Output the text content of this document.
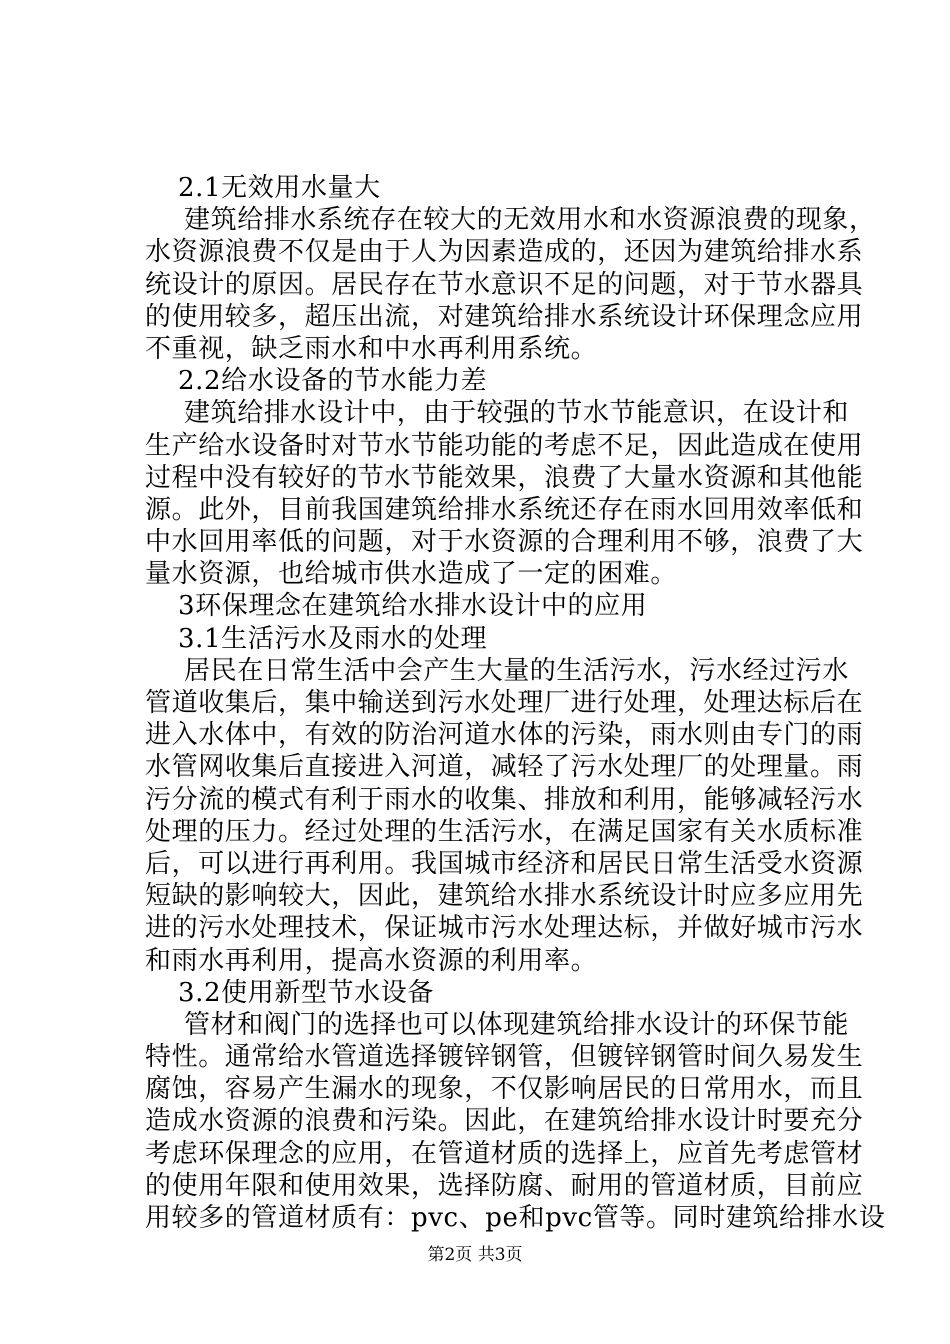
2.1无效用水量大
建筑给排水系统存在较大的无效用水和水资源浪费的现象，
水资源浪费不仅是由于人为因素造成的，还因为建筑给排水系
统设计的原因。居民存在节水意识不足的问题，对于节水器具
的使用较多，超压出流，对建筑给排水系统设计环保理念应用
不重视，缺乏雨水和中水再利用系统。
2.2给水设备的节水能力差
建筑给排水设计中，由于较强的节水节能意识，在设计和
生产给水设备时对节水节能功能的考虑不足，因此造成在使用
过程中没有较好的节水节能效果，浪费了大量水资源和其他能
源。此外，目前我国建筑给排水系统还存在雨水回用效率低和
中水回用率低的问题，对于水资源的合理利用不够，浪费了大
量水资源，也给城市供水造成了一定的困难。
3环保理念在建筑给水排水设计中的应用
3.1生活污水及雨水的处理
居民在日常生活中会产生大量的生活污水，污水经过污水
管道收集后，集中输送到污水处理厂进行处理，处理达标后在
进入水体中，有效的防治河道水体的污染，雨水则由专门的雨
水管网收集后直接进入河道，减轻了污水处理厂的处理量。雨
污分流的模式有利于雨水的收集、排放和利用，能够减轻污水
处理的压力。经过处理的生活污水，在满足国家有关水质标准
后，可以进行再利用。我国城市经济和居民日常生活受水资源
短缺的影响较大，因此，建筑给水排水系统设计时应多应用先
进的污水处理技术，保证城市污水处理达标，并做好城市污水
和雨水再利用，提高水资源的利用率。
3.2使用新型节水设备
管材和阀门的选择也可以体现建筑给排水设计的环保节能
特性。通常给水管道选择镀锌钢管，但镀锌钢管时间久易发生
腐蚀，容易产生漏水的现象，不仅影响居民的日常用水，而且
造成水资源的浪费和污染。因此，在建筑给排水设计时要充分
考虑环保理念的应用，在管道材质的选择上，应首先考虑管材
的使用年限和使用效果，选择防腐、耐用的管道材质，目前应
用较多的管道材质有：pvc、pe和pvc管等。同时建筑给排水设
第2页 共3页
